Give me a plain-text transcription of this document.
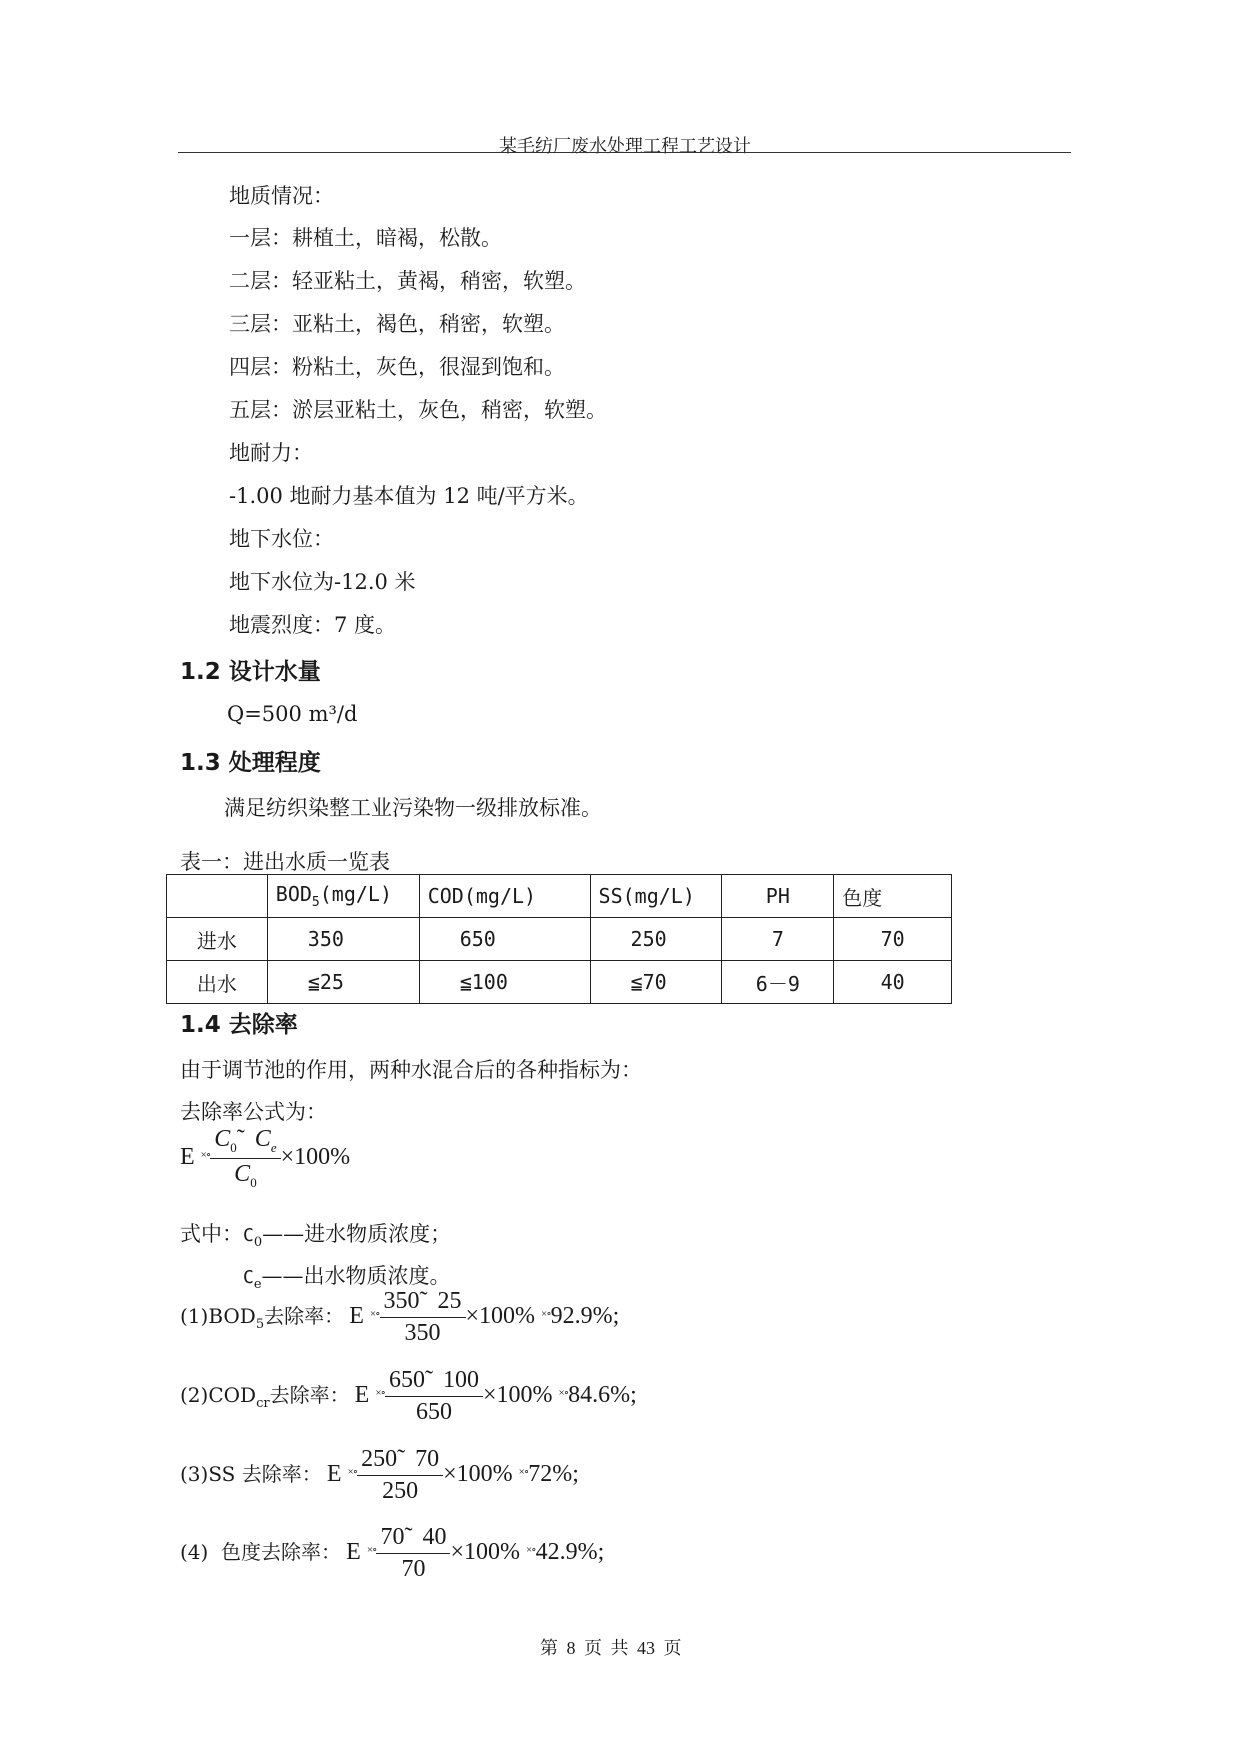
某毛纺厂废水处理工程工艺设计
地质情况：
一层：耕植土，暗褐，松散。
二层：轻亚粘土，黄褐，稍密，软塑。
三层：亚粘土，褐色，稍密，软塑。
四层：粉粘土，灰色，很湿到饱和。
五层：淤层亚粘土，灰色，稍密，软塑。
地耐力：
-1.00 地耐力基本值为 12 吨/平方米。
地下水位：
地下水位为-12.0 米
地震烈度：7 度。
1.2 设计水量
Q=500 m³/d
1.3 处理程度
满足纺织染整工业污染物一级排放标准。
表一：进出水质一览表
	$BOD_5(mg/L)$	COD(mg/L)	SS(mg/L)	PH	色度
进水	350	650	250	7	70
出水	≦25	≦100	≦70	6－9	40
1.4 去除率
由于调节池的作用，两种水混合后的各种指标为：
去除率公式为：
E $^{\times\circ} \frac{C_0̃ C_e}{C_0} \times 100\%$
式中：$C_0——$进水物质浓度；
$C_e——$出水物质浓度。
$(1)BOD_5$去除率： E $^{\times\circ} \frac{350̃ 25}{350} \times 100\%$ ×∘92.9%;
$(2)COD_{cr}$去除率： E $^{\times\circ} \frac{650̃ 100}{650} \times 100\%$ ×∘84.6%;
(3)SS 去除率： E $^{\times\circ} \frac{250̃ 70}{250} \times 100\%$ ×∘72%;
(4)  色度去除率： E $^{\times\circ} \frac{70̃ 40}{70} \times 100\%$ ×∘42.9%;
第 8 页 共 43 页
